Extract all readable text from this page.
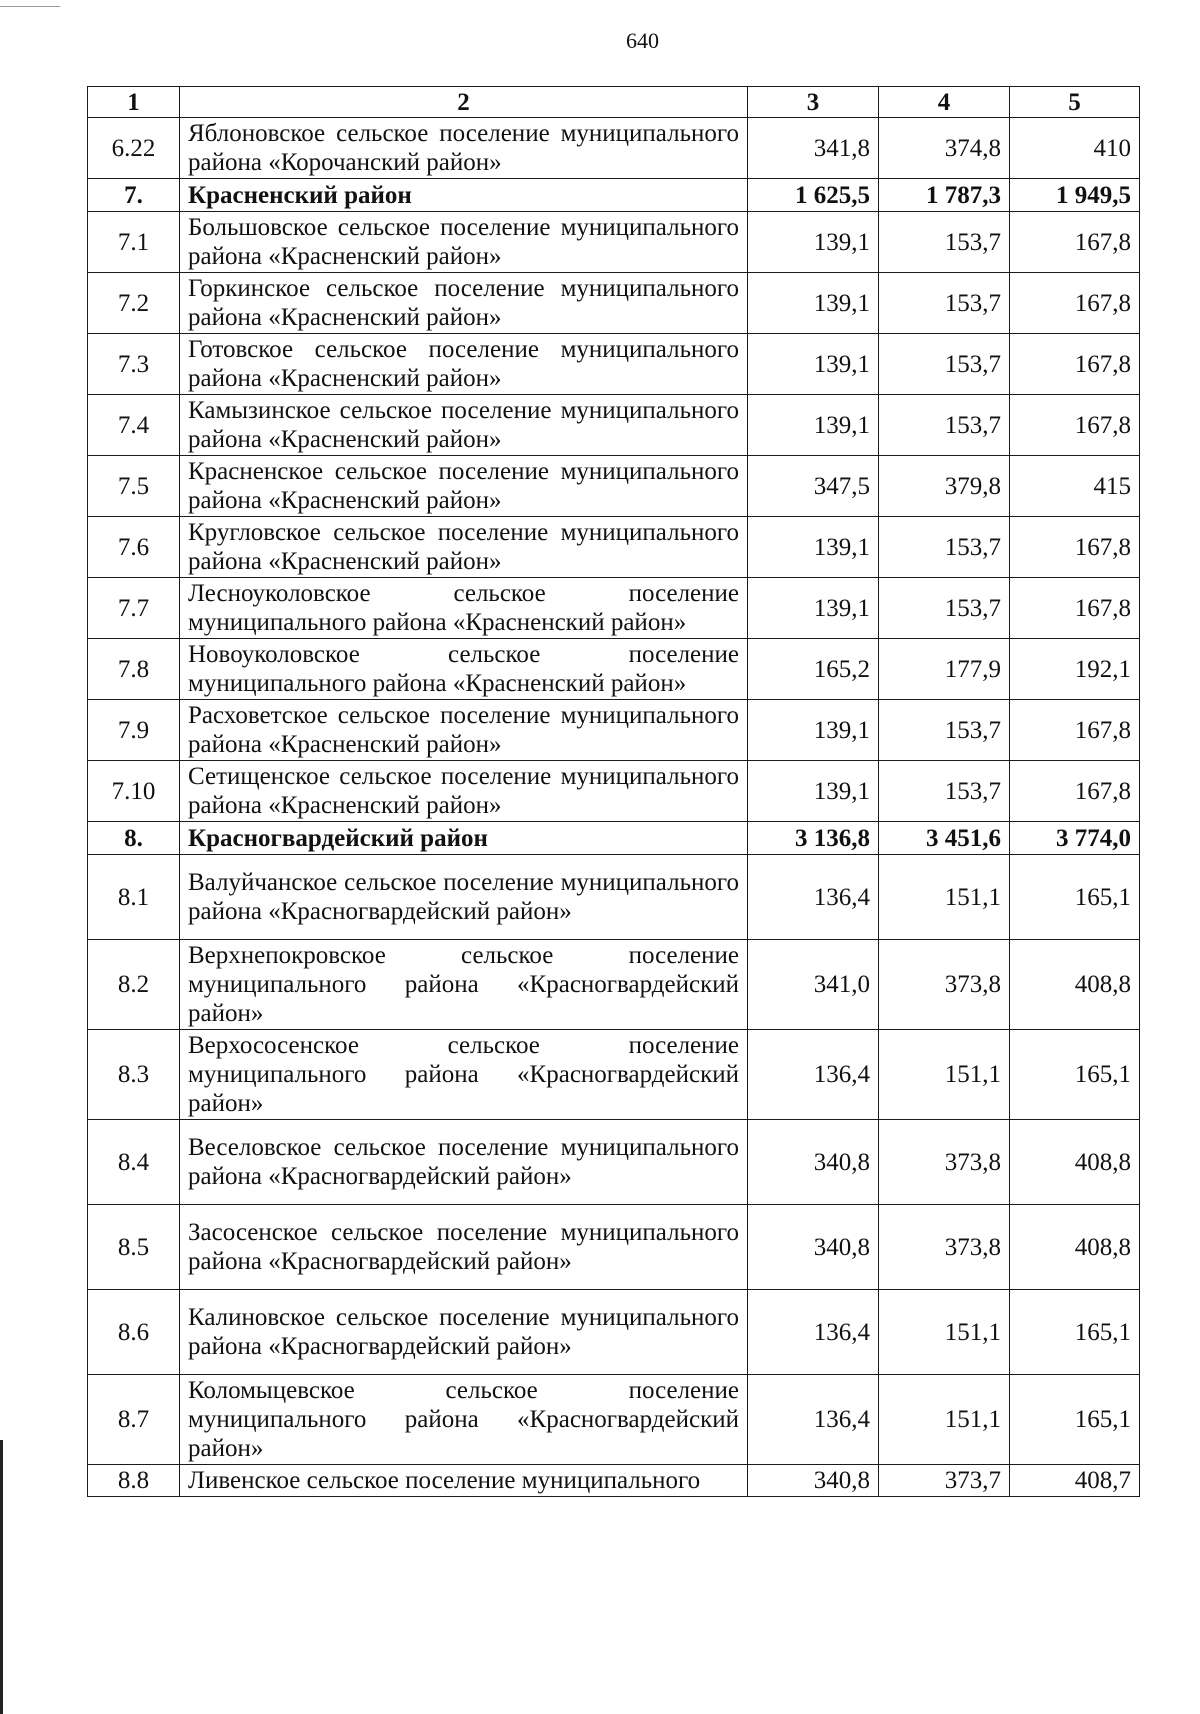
640
1	2	3	4	5
6.22	Яблоновское сельское поселение муниципального района «Корочанский район»	341,8	374,8	410
7.	Красненский район	1 625,5	1 787,3	1 949,5
7.1	Большовское сельское поселение муниципального района «Красненский район»	139,1	153,7	167,8
7.2	Горкинское сельское поселение муниципального района «Красненский район»	139,1	153,7	167,8
7.3	Готовское сельское поселение муниципального района «Красненский район»	139,1	153,7	167,8
7.4	Камызинское сельское поселение муниципального района «Красненский район»	139,1	153,7	167,8
7.5	Красненское сельское поселение муниципального района «Красненский район»	347,5	379,8	415
7.6	Кругловское сельское поселение муниципального района «Красненский район»	139,1	153,7	167,8
7.7	Лесноуколовское сельское поселение муниципального района «Красненский район»	139,1	153,7	167,8
7.8	Новоуколовское сельское поселение муниципального района «Красненский район»	165,2	177,9	192,1
7.9	Расховетское сельское поселение муниципального района «Красненский район»	139,1	153,7	167,8
7.10	Сетищенское сельское поселение муниципального района «Красненский район»	139,1	153,7	167,8
8.	Красногвардейский район	3 136,8	3 451,6	3 774,0
8.1	Валуйчанское сельское поселение муниципального района «Красногвардейский район»	136,4	151,1	165,1
8.2	Верхнепокровское сельское поселение муниципального района «Красногвардейский район»	341,0	373,8	408,8
8.3	Верхососенское сельское поселение муниципального района «Красногвардейский район»	136,4	151,1	165,1
8.4	Веселовское сельское поселение муниципального района «Красногвардейский район»	340,8	373,8	408,8
8.5	Засосенское сельское поселение муниципального района «Красногвардейский район»	340,8	373,8	408,8
8.6	Калиновское сельское поселение муниципального района «Красногвардейский район»	136,4	151,1	165,1
8.7	Коломыцевское сельское поселение муниципального района «Красногвардейский район»	136,4	151,1	165,1
8.8	Ливенское сельское поселение муниципального	340,8	373,7	408,7
